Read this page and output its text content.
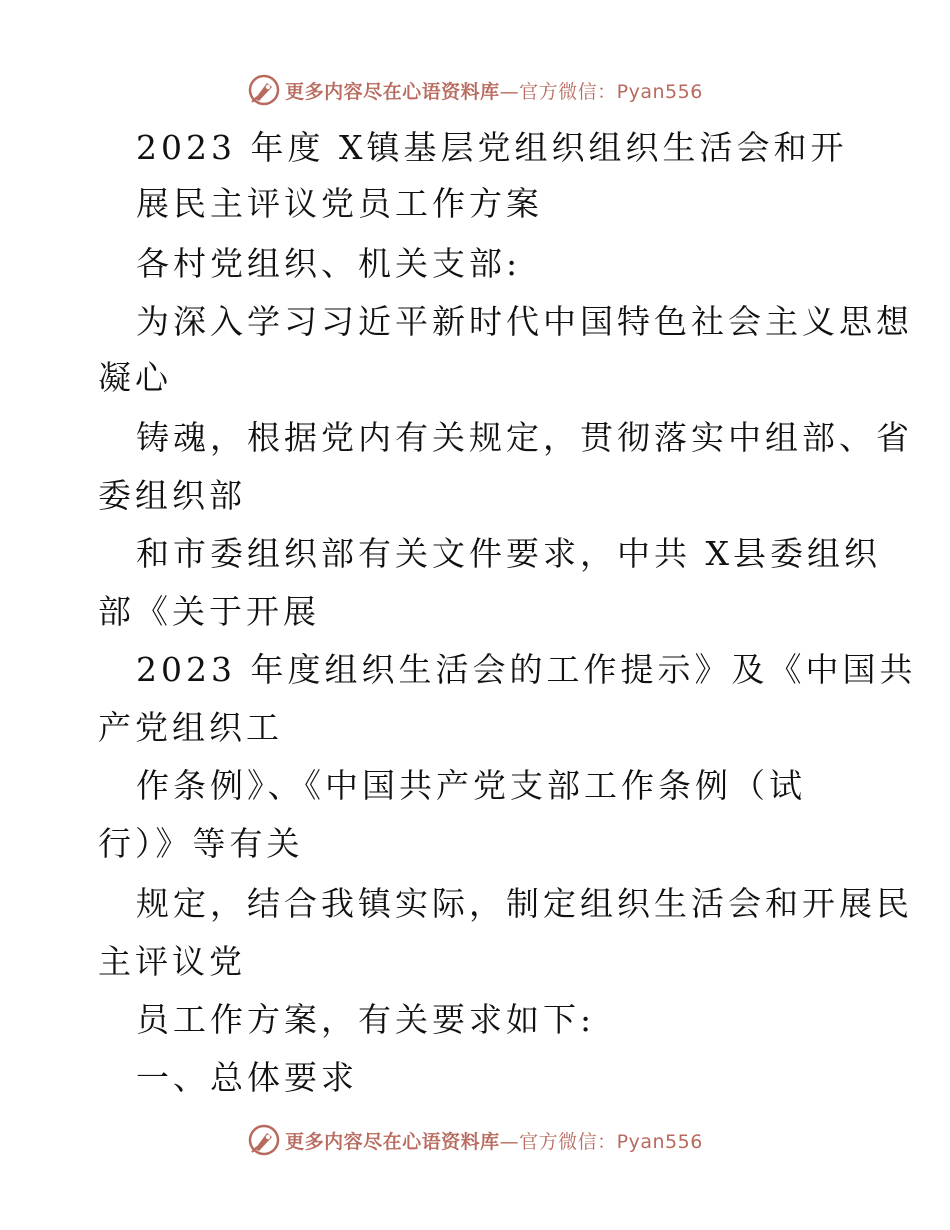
更多内容尽在心语资料库—官方微信：Pyan556
2023 年度 X镇基层党组织组织生活会和开
展民主评议党员工作方案
各村党组织、机关支部:
为深入学习习近平新时代中国特色社会主义思想
凝心
铸魂，根据党内有关规定，贯彻落实中组部、省
委组织部
和市委组织部有关文件要求，中共 X县委组织
部《关于开展
2023 年度组织生活会的工作提示》及《中国共
产党组织工
作条例》、《中国共产党支部工作条例（试
行）》等有关
规定，结合我镇实际，制定组织生活会和开展民
主评议党
员工作方案，有关要求如下:
一、总体要求
更多内容尽在心语资料库—官方微信：Pyan556
